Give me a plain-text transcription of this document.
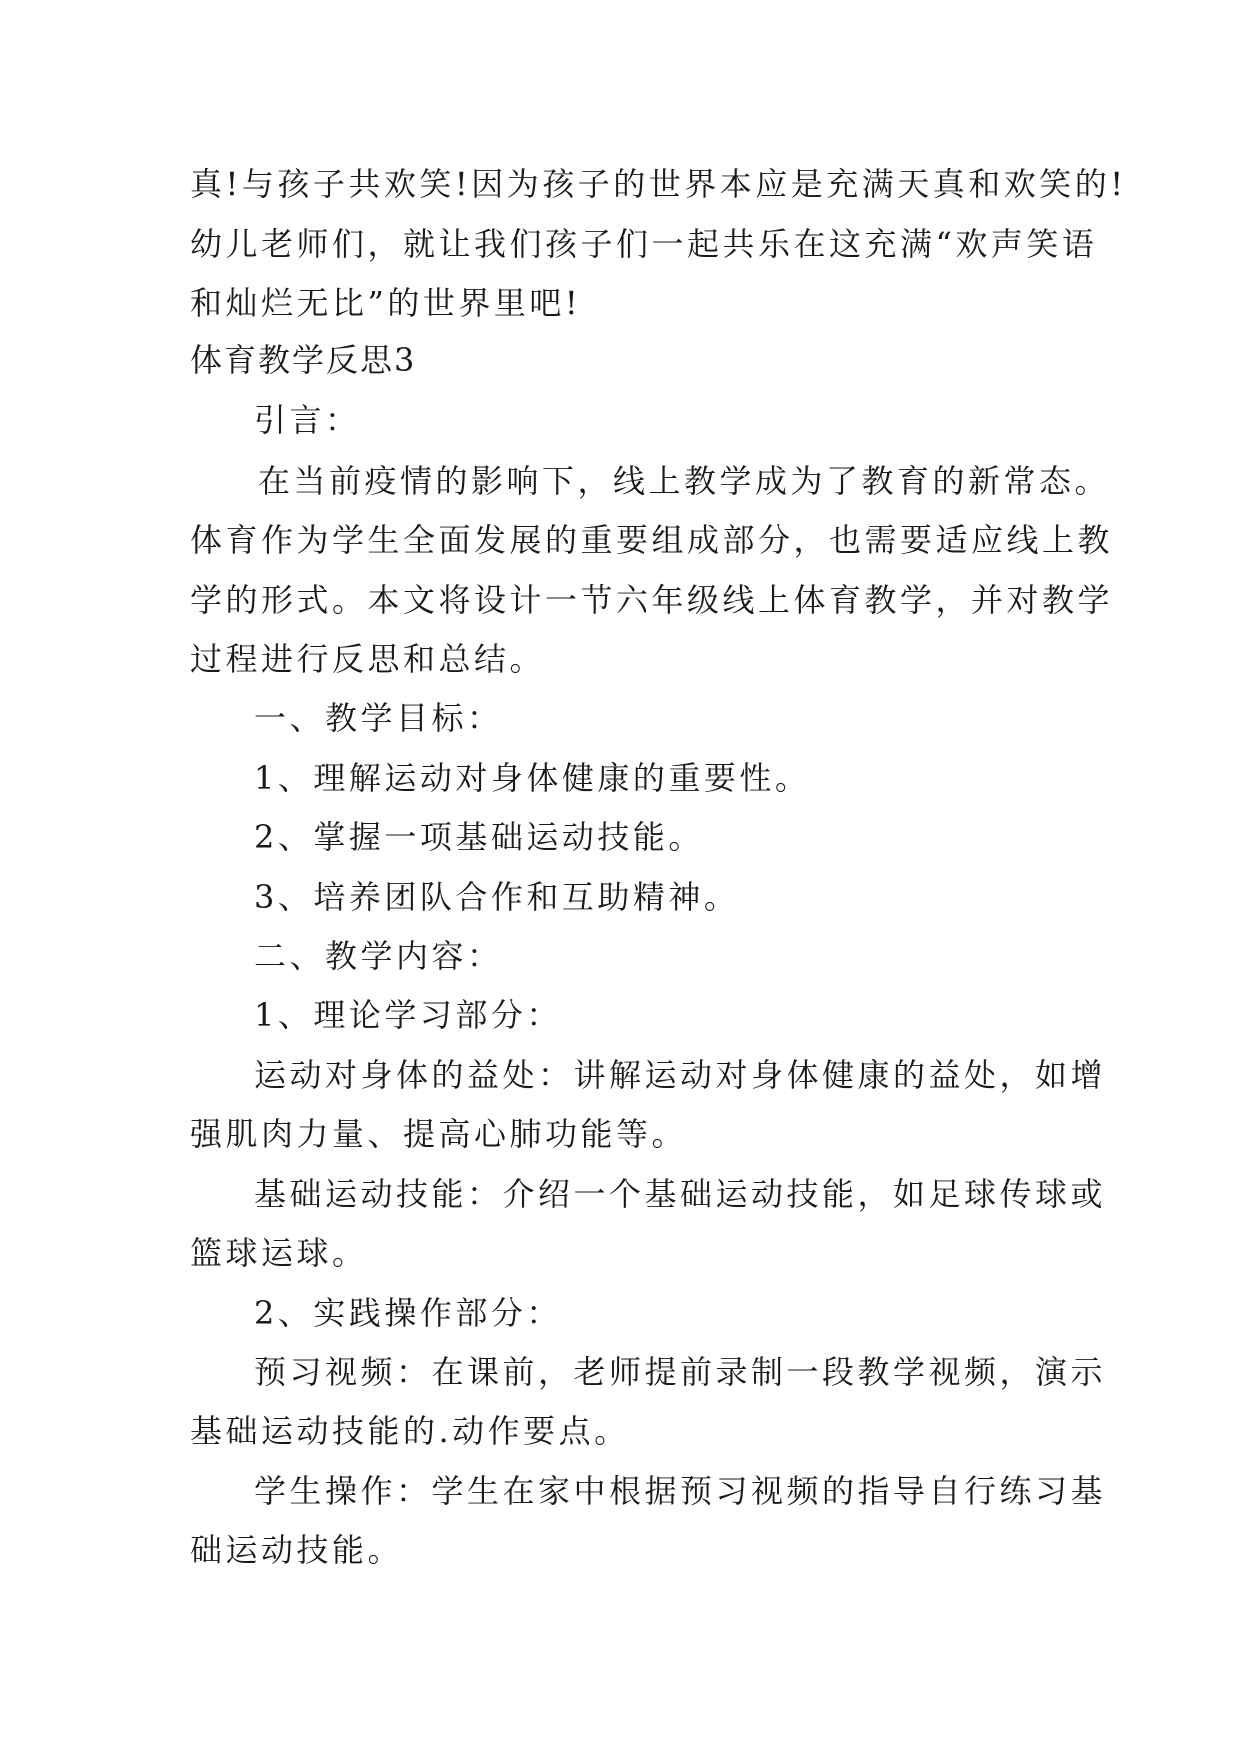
真!与孩子共欢笑!因为孩子的世界本应是充满天真和欢笑的!
幼儿老师们，就让我们孩子们一起共乐在这充满“欢声笑语
和灿烂无比”的世界里吧!
体育教学反思3
引言：
在当前疫情的影响下，线上教学成为了教育的新常态。
体育作为学生全面发展的重要组成部分，也需要适应线上教
学的形式。本文将设计一节六年级线上体育教学，并对教学
过程进行反思和总结。
一、教学目标：
1、理解运动对身体健康的重要性。
2、掌握一项基础运动技能。
3、培养团队合作和互助精神。
二、教学内容：
1、理论学习部分：
运动对身体的益处：讲解运动对身体健康的益处，如增
强肌肉力量、提高心肺功能等。
基础运动技能：介绍一个基础运动技能，如足球传球或
篮球运球。
2、实践操作部分：
预习视频：在课前，老师提前录制一段教学视频，演示
基础运动技能的.动作要点。
学生操作：学生在家中根据预习视频的指导自行练习基
础运动技能。
